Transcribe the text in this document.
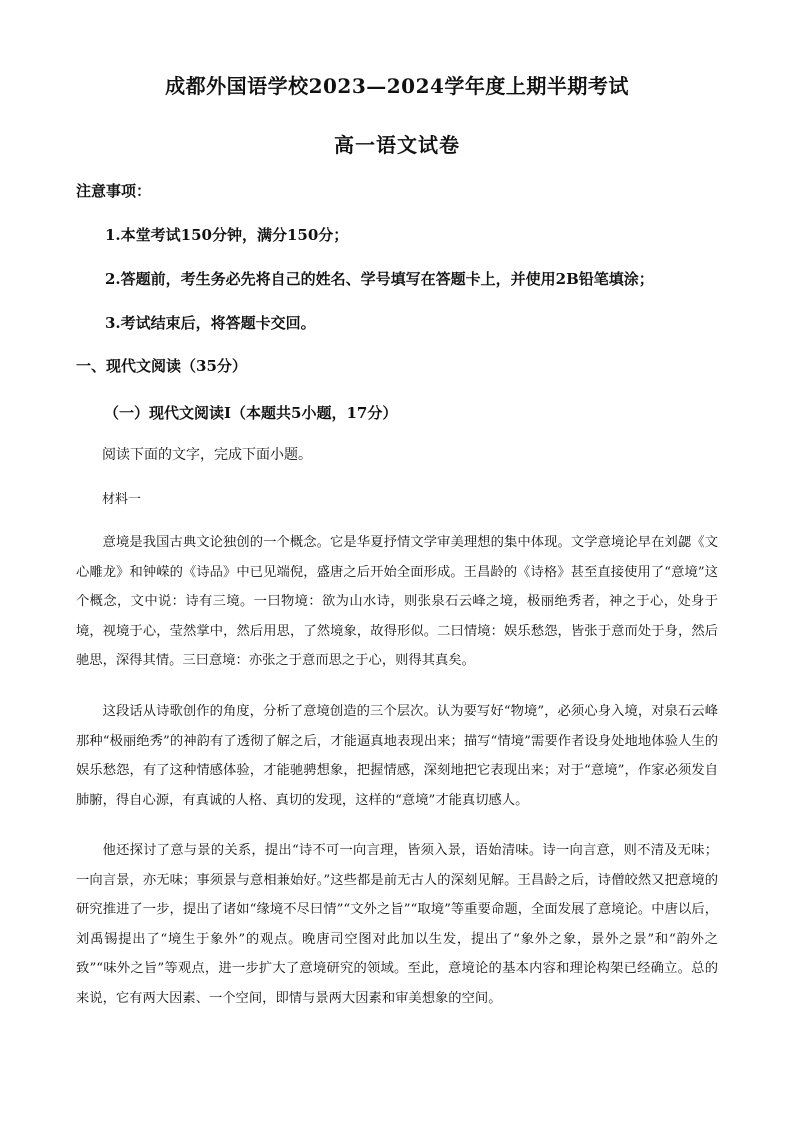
成都外国语学校2023—2024学年度上期半期考试
高一语文试卷
注意事项：
1.本堂考试150分钟，满分150分；
2.答题前，考生务必先将自己的姓名、学号填写在答题卡上，并使用2B铅笔填涂；
3.考试结束后，将答题卡交回。
一、现代文阅读（35分）
（一）现代文阅读Ⅰ（本题共5小题，17分）
阅读下面的文字，完成下面小题。
材料一

意境是我国古典文论独创的一个概念。它是华夏抒情文学审美理想的集中体现。文学意境论早在刘勰《文心雕龙》和钟嵘的《诗品》中已见端倪，盛唐之后开始全面形成。王昌龄的《诗格》甚至直接使用了“意境”这个概念，文中说：诗有三境。一曰物境：欲为山水诗，则张泉石云峰之境，极丽绝秀者，神之于心，处身于境，视境于心，莹然掌中，然后用思，了然境象，故得形似。二曰情境：娱乐愁怨，皆张于意而处于身，然后驰思，深得其情。三曰意境：亦张之于意而思之于心，则得其真矣。

这段话从诗歌创作的角度，分析了意境创造的三个层次。认为要写好“物境”，必须心身入境，对泉石云峰那种“极丽绝秀”的神韵有了透彻了解之后，才能逼真地表现出来；描写“情境”需要作者设身处地地体验人生的娱乐愁怨，有了这种情感体验，才能驰骋想象，把握情感，深刻地把它表现出来；对于“意境”，作家必须发自肺腑，得自心源，有真诚的人格、真切的发现，这样的“意境”才能真切感人。

他还探讨了意与景的关系，提出“诗不可一向言理，皆须入景，语始清味。诗一向言意，则不清及无味；一向言景，亦无味；事须景与意相兼始好。”这些都是前无古人的深刻见解。王昌龄之后，诗僧皎然又把意境的研究推进了一步，提出了诸如“缘境不尽曰情”“文外之旨”“取境”等重要命题，全面发展了意境论。中唐以后，刘禹锡提出了“境生于象外”的观点。晚唐司空图对此加以生发，提出了“象外之象，景外之景”和“韵外之致”“味外之旨”等观点，进一步扩大了意境研究的领域。至此，意境论的基本内容和理论构架已经确立。总的来说，它有两大因素、一个空间，即情与景两大因素和审美想象的空间。
